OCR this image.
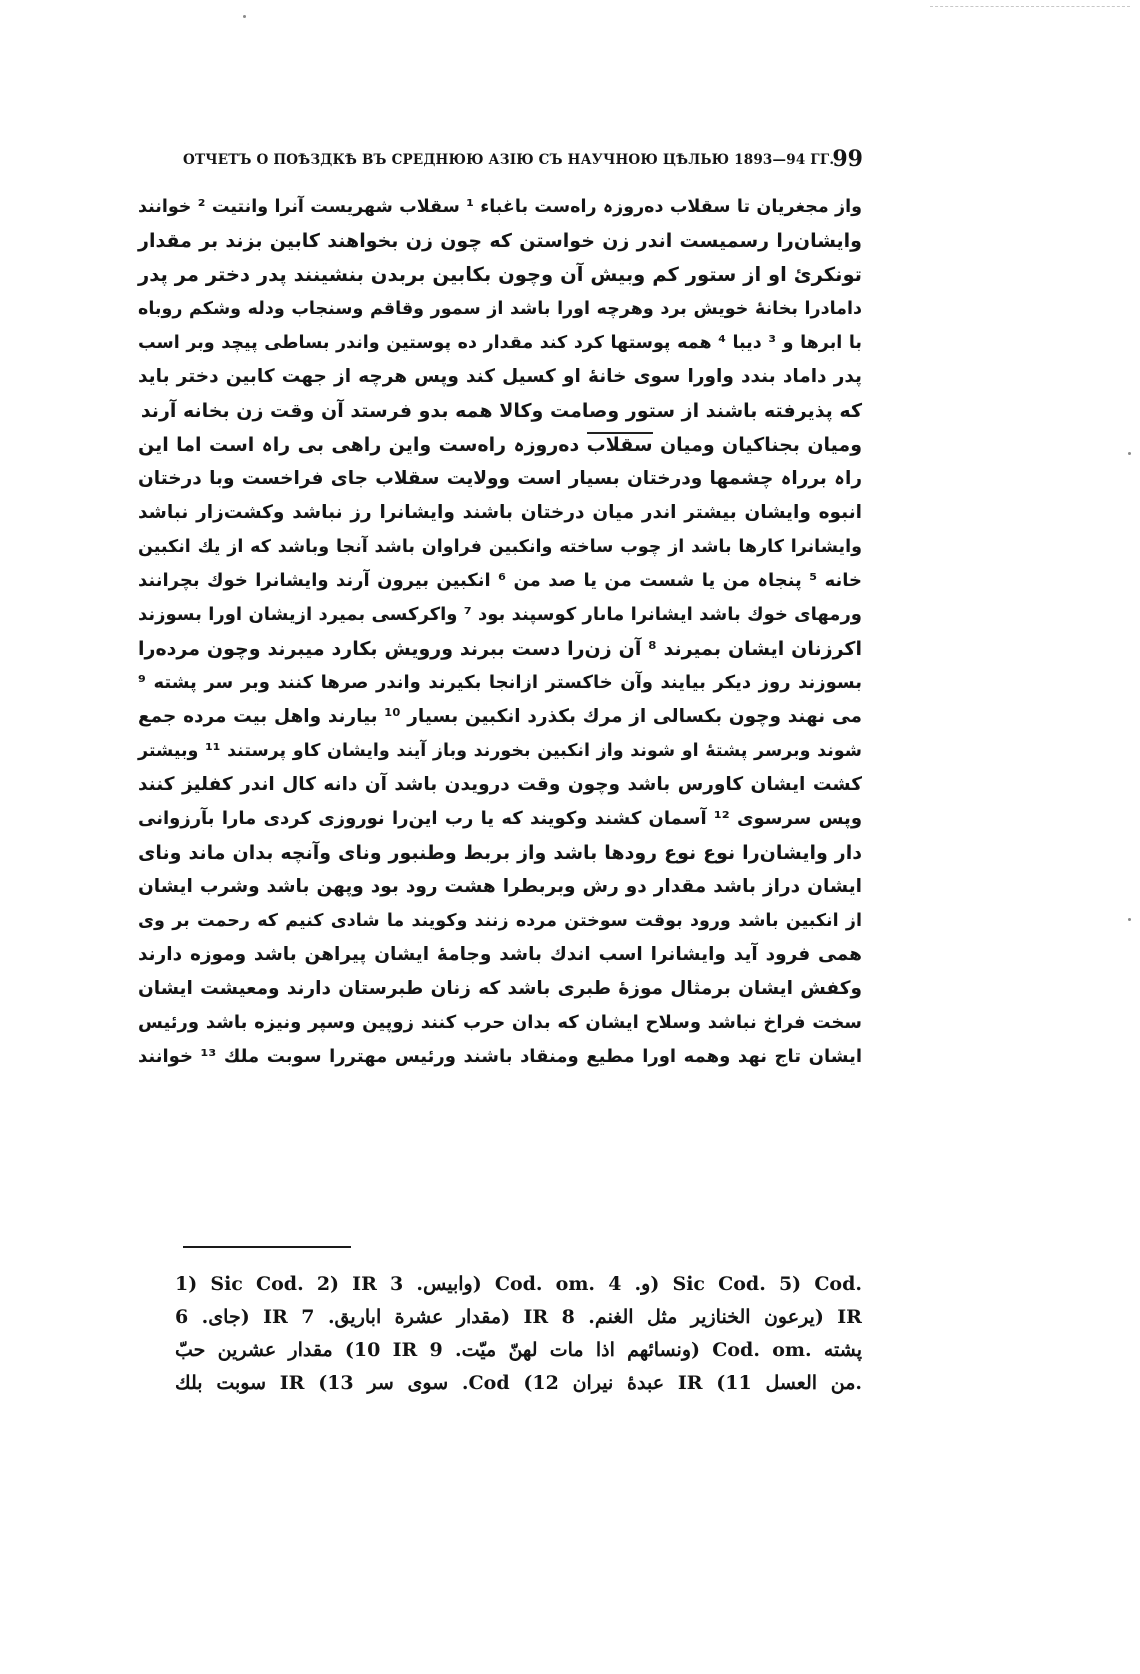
ОТЧЕТЪ О ПОѢЗДКѢ ВЪ СРЕДНЮЮ АЗІЮ СЪ НАУЧНОЮ ЦѢЛЬЮ 1893—94 ГГ.
99
واز مجغریان تا سقلاب دەروزہ راەست باغباء ¹ سقلاب شهریست آنرا وانتیت ² خوانند
وایشان‌را رسمیست اندر زن خواستن که چون زن بخواهند کابین بزند بر مقدار
تونکرئ او از ستور کم وبیش آن وچون بکابین بربدن بنشینند پدر دختر مر پدر
دامادرا بخانهٔ خویش برد وهرچه اورا باشد از سمور وقاقم وسنجاب ودله وشکم روباه
با ابرها و ³ دیبا ⁴ همه پوستها کرد کند مقدار ده پوستین واندر بساطی پیچد وبر اسب
پدر داماد بندد واورا سوی خانهٔ او کسیل کند وپس هرچه از جهت کابین دختر باید
که پذیرفته باشند از ستور وصامت وکالا همه بدو فرستد آن وقت زن بخانه آرند
ومیان بجناکیان ومیان سقلاب دەروزہ راەست واین راهی بی راہ است اما این
راہ برراہ چشمها ودرختان بسیار است وولایت سقلاب جای فراخست وبا درختان
انبوه وایشان بیشتر اندر میان درختان باشند وایشانرا رز نباشد وکشت‌زار نباشد
وایشانرا کارها باشد از چوب ساخته وانکبین فراوان باشد آنجا وباشد که از یك انکبین
خانه ⁵ پنجاہ من یا شست من یا صد من ⁶ انکبین بیرون آرند وایشانرا خوك بچرانند
ورمهای خوك باشد ایشانرا ماںار کوسپند بود ⁷ واکرکسی بمیرد ازیشان اورا بسوزند
اکرزنان ایشان بمیرند ⁸ آن زن‌را دست ببرند ورویش بکارد میبرند وچون مرده‌را
بسوزند روز دیکر بیایند وآن خاکستر ازانجا بکیرند واندر صرها کنند وبر سر پشته ⁹
می نهند وچون بکسالی از مرك بکذرد انکبین بسیار ¹⁰ بیارند واهل بیت مرده جمع
شوند وبرسر پشتهٔ او شوند واز انکبین بخورند وباز آیند وایشان کاو پرستند ¹¹ وبیشتر
کشت ایشان کاورس باشد وچون وقت درویدن باشد آن دانه کال اندر کفلیز کنند
وپس سرسوی ¹² آسمان کشند وکویند که یا رب این‌را نوروزی کردی مارا بآرزوانی
دار وایشان‌را نوع نوع رودها باشد واز بربط وطنبور ونای وآنچه بدان ماند ونای
ایشان دراز باشد مقدار دو رش وبربطرا هشت رود بود وپهن باشد وشرب ایشان
از انکبین باشد ورود بوقت سوختن مرده زنند وکویند ما شادی کنیم که رحمت بر وی
همی فرود آید وایشانرا اسب اندك باشد وجامهٔ ایشان پیراهن باشد وموزه دارند
وکفش ایشان برمثال موزهٔ طبری باشد که زنان طبرستان دارند ومعیشت ایشان
سخت فراخ نباشد وسلاح ایشان که بدان حرب کنند زوپین وسپر ونیزه باشد ورئیس
ایشان تاج نهد وهمه اورا مطیع ومنقاد باشند ورئیس مهتررا سوبت ملك ¹³ خوانند
1) Sic Cod. 2) IR وابیس. 3) Cod. om. و. 4) Sic Cod. 5) Cod.
جای. 6) IR مقدار عشرة اباریق. 7) IR یرعون الخنازیر مثل الغنم. 8) IR
مقدار عشرین حبّ (10 IR ونسائهم اذا مات لهنّ میّت. 9) Cod. om. پشته
سوبت بلك IR (13 سوی سر .Cod (12 عبدهٔ نیران IR (11 من العسل.
